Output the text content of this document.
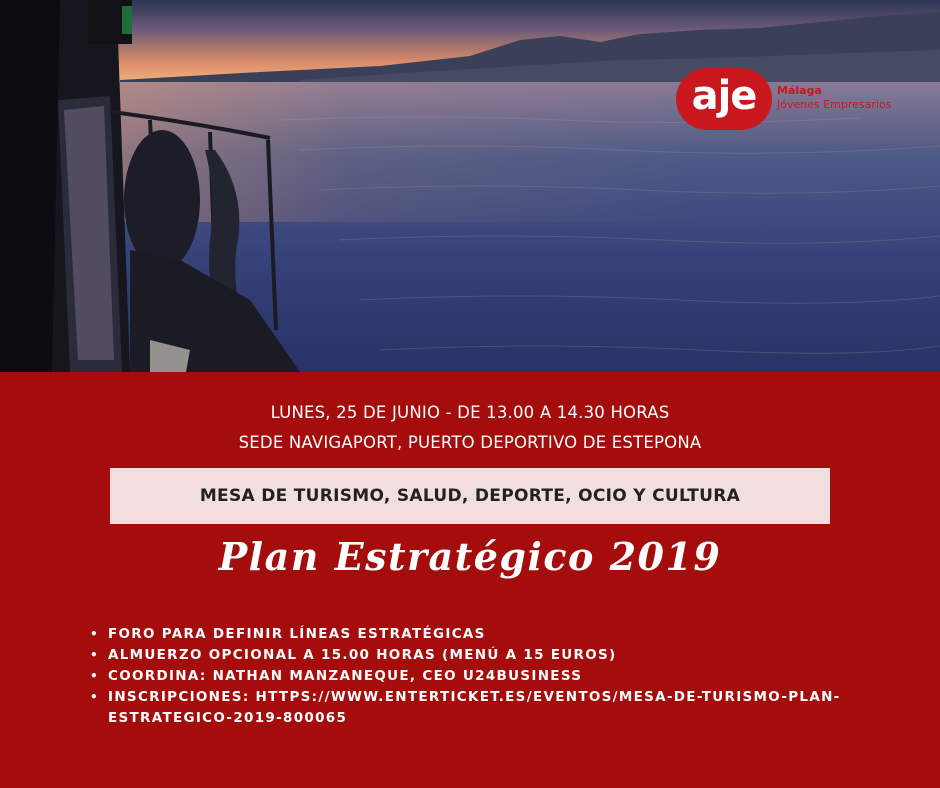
aje Málaga
Jóvenes Empresarios
LUNES, 25 DE JUNIO - DE 13.00 A 14.30 HORAS
SEDE NAVIGAPORT, PUERTO DEPORTIVO DE ESTEPONA
MESA DE TURISMO, SALUD, DEPORTE, OCIO Y CULTURA
Plan Estratégico 2019
• FORO PARA DEFINIR LÍNEAS ESTRATÉGICAS
• ALMUERZO OPCIONAL A 15.00 HORAS (MENÚ A 15 EUROS)
• COORDINA: NATHAN MANZANEQUE, CEO U24BUSINESS
• INSCRIPCIONES: HTTPS://WWW.ENTERTICKET.ES/EVENTOS/MESA-DE-TURISMO-PLAN-ESTRATEGICO-2019-800065
